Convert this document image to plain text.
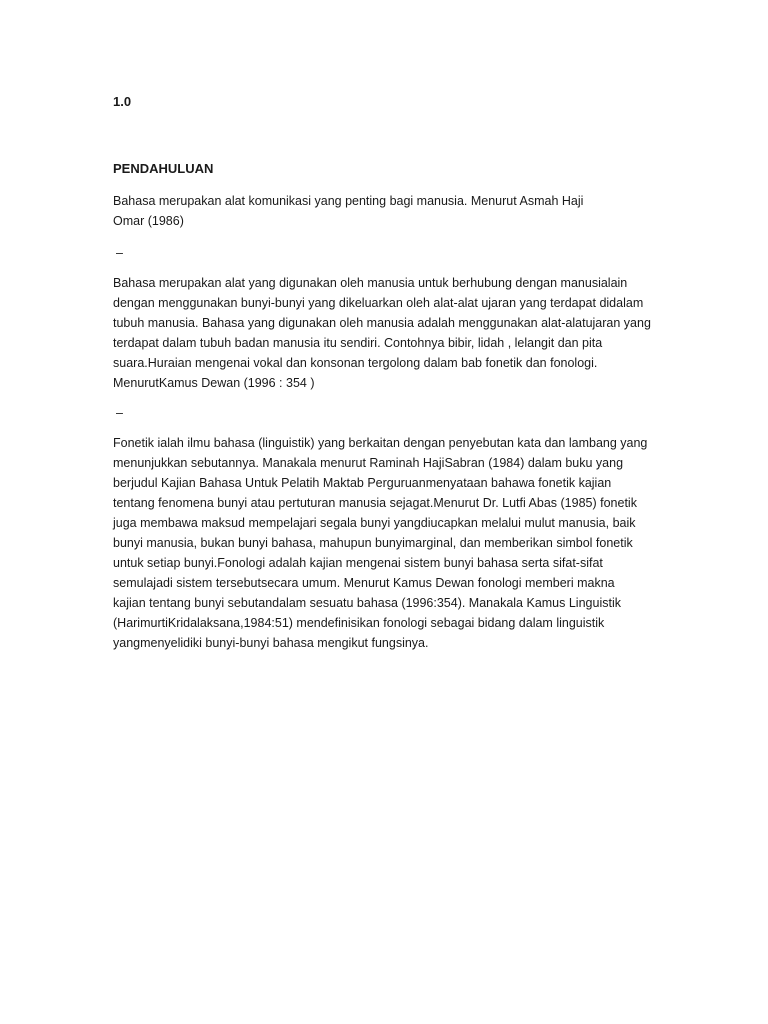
1.0

PENDAHULUAN

Bahasa merupakan alat komunikasi yang penting bagi manusia. Menurut Asmah Haji
Omar (1986)

–

Bahasa merupakan alat yang digunakan oleh manusia untuk berhubung dengan manusialain
dengan menggunakan bunyi-bunyi yang dikeluarkan oleh alat-alat ujaran yang terdapat didalam
tubuh manusia. Bahasa yang digunakan oleh manusia adalah menggunakan alat-alatujaran yang
terdapat dalam tubuh badan manusia itu sendiri. Contohnya bibir, lidah , lelangit dan pita
suara.Huraian mengenai vokal dan konsonan tergolong dalam bab fonetik dan fonologi.
MenurutKamus Dewan (1996 : 354 )

–

Fonetik ialah ilmu bahasa (linguistik) yang berkaitan dengan penyebutan kata dan lambang yang
menunjukkan sebutannya. Manakala menurut Raminah HajiSabran (1984) dalam buku yang
berjudul Kajian Bahasa Untuk Pelatih Maktab Perguruanmenyataan bahawa fonetik kajian
tentang fenomena bunyi atau pertuturan manusia sejagat.Menurut Dr. Lutfi Abas (1985) fonetik
juga membawa maksud mempelajari segala bunyi yangdiucapkan melalui mulut manusia, baik
bunyi manusia, bukan bunyi bahasa, mahupun bunyimarginal, dan memberikan simbol fonetik
untuk setiap bunyi.Fonologi adalah kajian mengenai sistem bunyi bahasa serta sifat-sifat
semulajadi sistem tersebutsecara umum. Menurut Kamus Dewan fonologi memberi makna
kajian tentang bunyi sebutandalam sesuatu bahasa (1996:354). Manakala Kamus Linguistik
(HarimurtiKridalaksana,1984:51) mendefinisikan fonologi sebagai bidang dalam linguistik
yangmenyelidiki bunyi-bunyi bahasa mengikut fungsinya.
